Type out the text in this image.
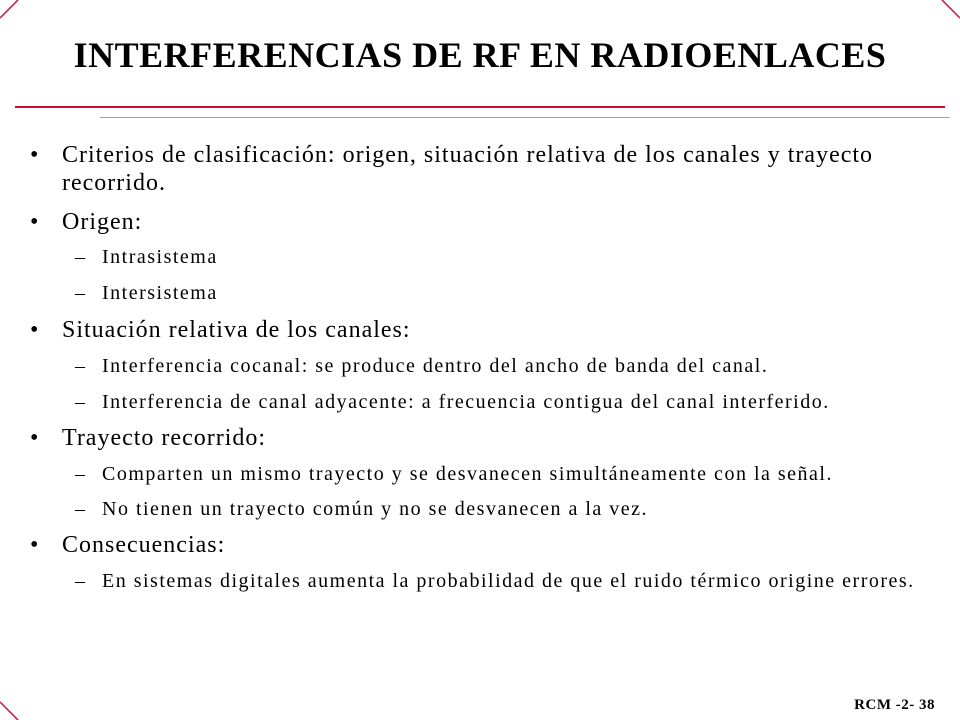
INTERFERENCIAS DE RF EN RADIOENLACES
• Criterios de clasificación: origen, situación relativa de los canales y trayecto recorrido.
• Origen:
– Intrasistema
– Intersistema
• Situación relativa de los canales:
– Interferencia cocanal: se produce dentro del ancho de banda del canal.
– Interferencia de canal adyacente: a frecuencia contigua del canal interferido.
• Trayecto recorrido:
– Comparten un mismo trayecto y se desvanecen simultáneamente con la señal.
– No tienen un trayecto común y no se desvanecen a la vez.
• Consecuencias:
– En sistemas digitales aumenta la probabilidad de que el ruido térmico origine errores.
RCM -2- 38
